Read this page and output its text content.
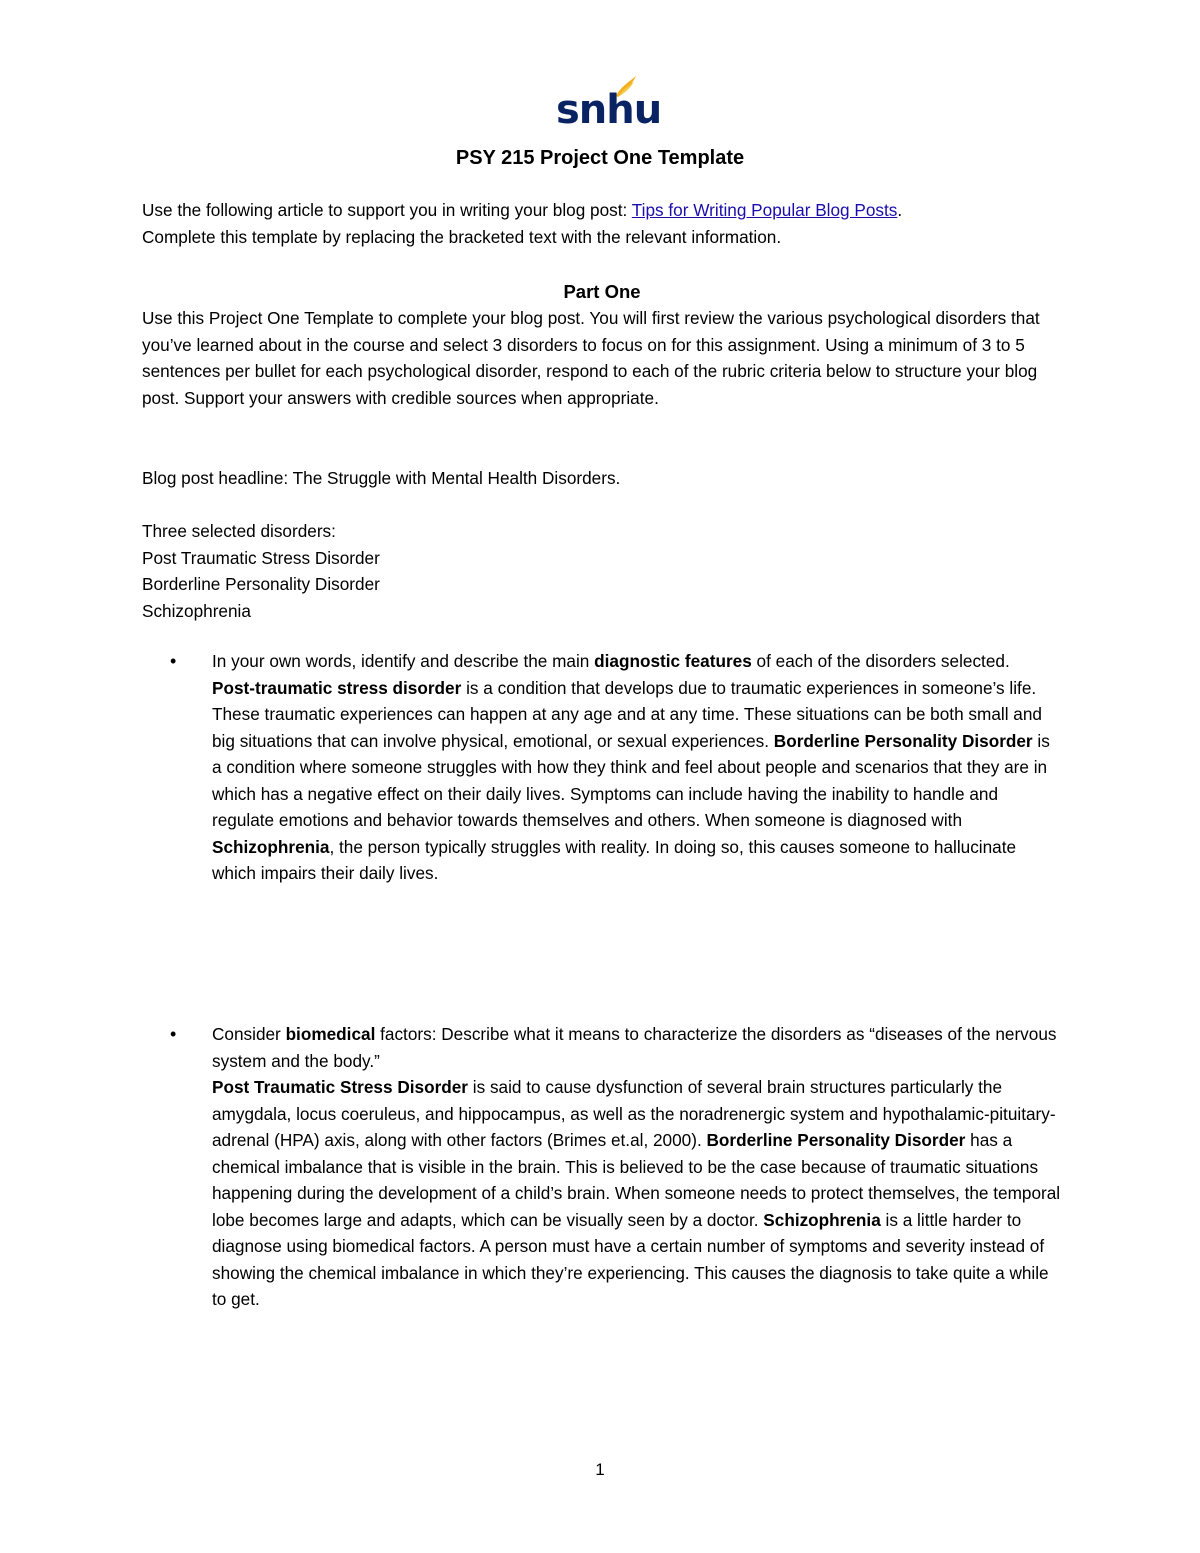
snhu
PSY 215 Project One Template

Use the following article to support you in writing your blog post: Tips for Writing Popular Blog Posts.

Complete this template by replacing the bracketed text with the relevant information.

Part One
Use this Project One Template to complete your blog post. You will first review the various psychological disorders that you’ve learned about in the course and select 3 disorders to focus on for this assignment. Using a minimum of 3 to 5 sentences per bullet for each psychological disorder, respond to each of the rubric criteria below to structure your blog post. Support your answers with credible sources when appropriate.
Blog post headline: The Struggle with Mental Health Disorders.

Three selected disorders:

Post Traumatic Stress Disorder

Borderline Personality Disorder

Schizophrenia

• In your own words, identify and describe the main diagnostic features of each of the disorders selected.

Post-traumatic stress disorder is a condition that develops due to traumatic experiences in someone’s life. These traumatic experiences can happen at any age and at any time. These situations can be both small and big situations that can involve physical, emotional, or sexual experiences. Borderline Personality Disorder is a condition where someone struggles with how they think and feel about people and scenarios that they are in which has a negative effect on their daily lives. Symptoms can include having the inability to handle and regulate emotions and behavior towards themselves and others. When someone is diagnosed with Schizophrenia, the person typically struggles with reality. In doing so, this causes someone to hallucinate which impairs their daily lives.

• Consider biomedical factors: Describe what it means to characterize the disorders as “diseases of the nervous system and the body.”

Post Traumatic Stress Disorder is said to cause dysfunction of several brain structures particularly the amygdala, locus coeruleus, and hippocampus, as well as the noradrenergic system and hypothalamic-pituitary-adrenal (HPA) axis, along with other factors (Brimes et.al, 2000). Borderline Personality Disorder has a chemical imbalance that is visible in the brain. This is believed to be the case because of traumatic situations happening during the development of a child’s brain. When someone needs to protect themselves, the temporal lobe becomes large and adapts, which can be visually seen by a doctor. Schizophrenia is a little harder to diagnose using biomedical factors. A person must have a certain number of symptoms and severity instead of showing the chemical imbalance in which they’re experiencing. This causes the diagnosis to take quite a while to get.

1
